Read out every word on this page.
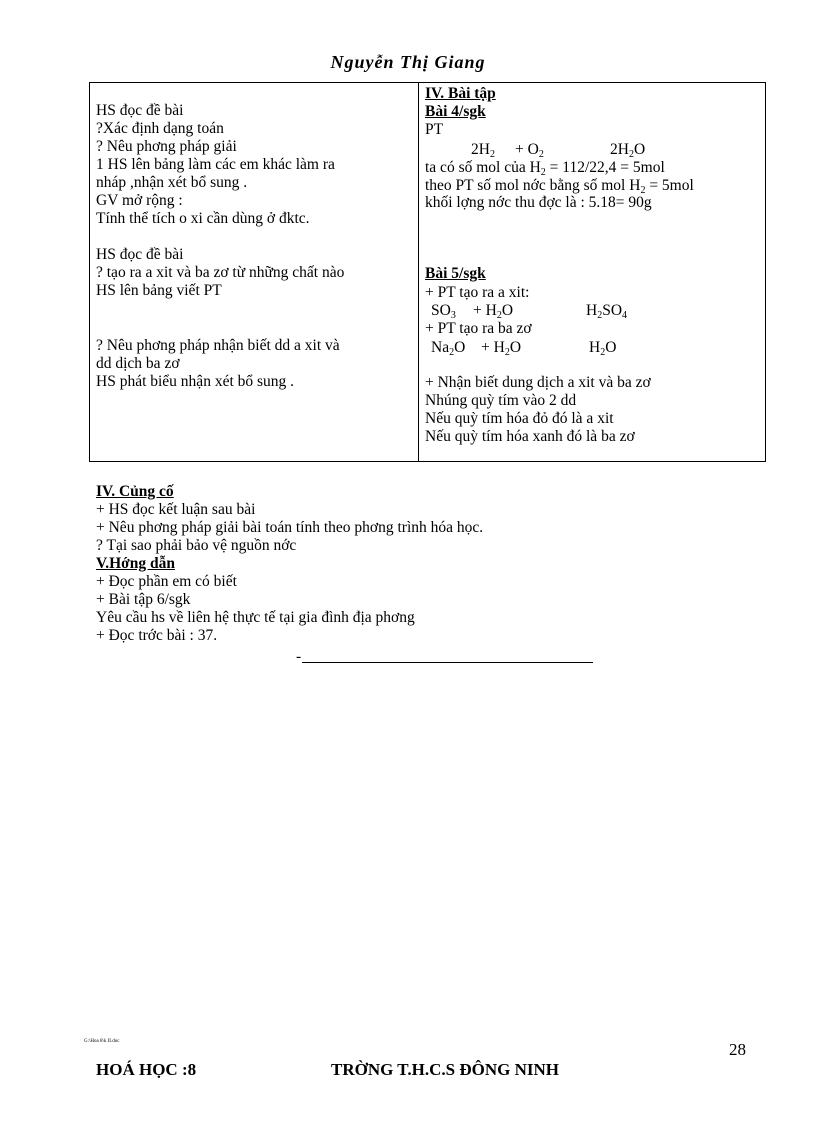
Nguyễn Thị Giang
HS đọc đề bài
?Xác định dạng toán
? Nêu phơng pháp giải
1 HS lên bảng làm các em khác làm ra
nháp ,nhận xét bổ sung .
GV mở rộng :
Tính thể tích o xi cần dùng ở đktc.
HS đọc đề bài
? tạo ra a xit và ba zơ từ những chất nào
HS lên bảng viết PT
? Nêu phơng pháp nhận biết dd a xit và
dd dịch ba zơ
HS phát biểu nhận xét bổ sung .
IV. Bài tập
Bài 4/sgk
PT
$2H_2 + O_2$	$2H_2O$
ta có số mol của $H_2 = 112/22,4 = 5mol$
theo PT số mol nớc bằng số mol $H_2 = 5mol$
khối lợng nớc thu đợc là : 5.18= 90g
Bài 5/sgk
+ PT tạo ra a xit:
$SO_3 + H_2O$	$H_2SO_4$
+ PT tạo ra ba zơ
$Na_2O + H_2O$	$H_2O$
+ Nhận biết dung dịch a xit và ba zơ
Nhúng quỳ tím vào 2 dd
Nếu quỳ tím hóa đỏ đó là a xit
Nếu quỳ tím hóa xanh đó là ba zơ
IV. Củng cố
+ HS đọc kết luận sau bài
+ Nêu phơng pháp giải bài toán tính theo phơng trình hóa học.
? Tại sao phải bảo vệ nguồn nớc
V.Hớng dẫn
+ Đọc phần em có biết
+ Bài tập 6/sgk
Yêu cầu hs về liên hệ thực tế tại gia đình địa phơng
+ Đọc trớc bài : 37.
-
G:\Hoa 8\k II.doc	28
HOÁ HỌC :8	TRỜNG T.H.C.S ĐÔNG NINH
